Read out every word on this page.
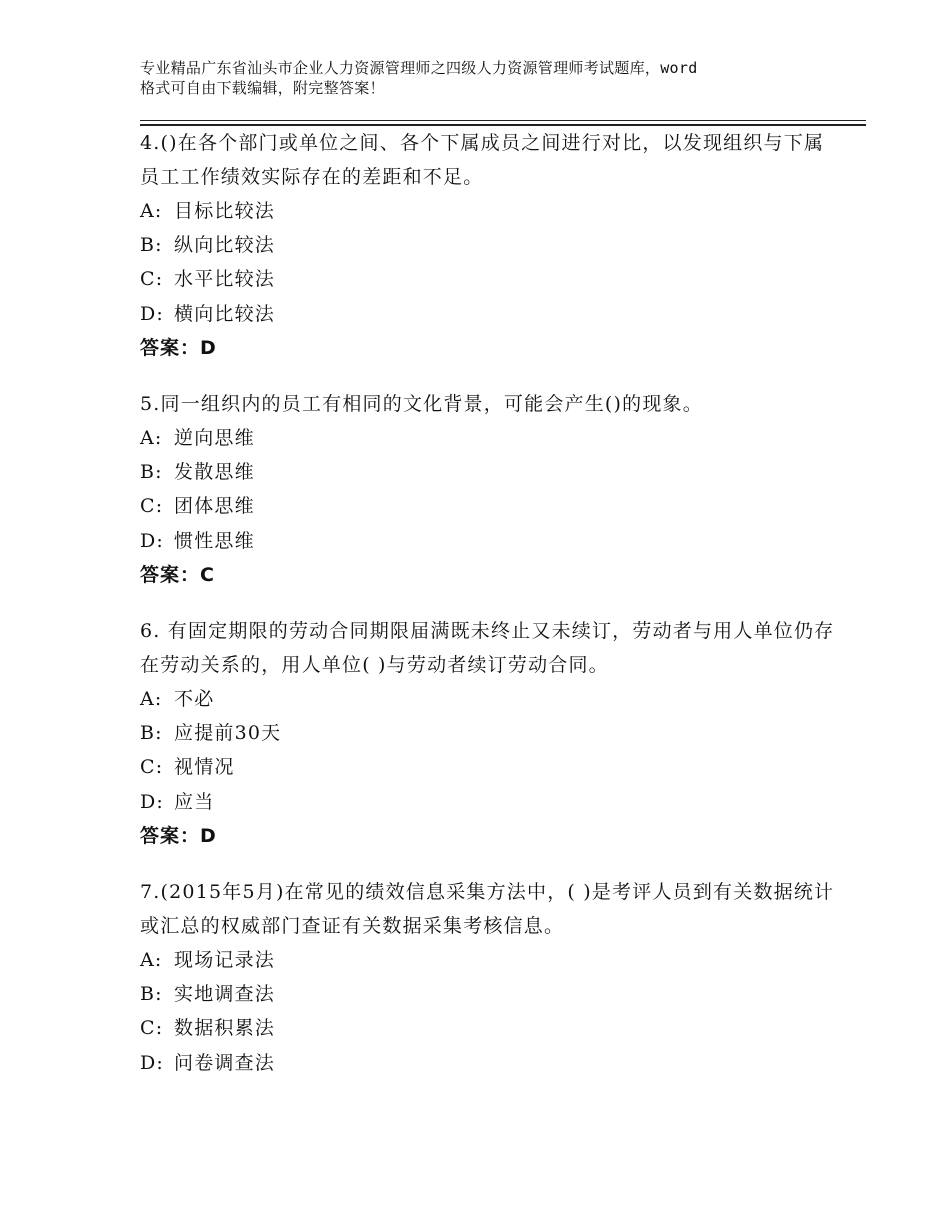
专业精品广东省汕头市企业人力资源管理师之四级人力资源管理师考试题库，word
格式可自由下载编辑，附完整答案！
4.()在各个部门或单位之间、各个下属成员之间进行对比，以发现组织与下属员工工作绩效实际存在的差距和不足。
A: 目标比较法
B: 纵向比较法
C: 水平比较法
D: 横向比较法
答案：D
5.同一组织内的员工有相同的文化背景，可能会产生()的现象。
A: 逆向思维
B: 发散思维
C: 团体思维
D: 惯性思维
答案：C
6. 有固定期限的劳动合同期限届满既未终止又未续订，劳动者与用人单位仍存在劳动关系的，用人单位( )与劳动者续订劳动合同。
A: 不必
B: 应提前30天
C: 视情况
D: 应当
答案：D
7.(2015年5月)在常见的绩效信息采集方法中，( )是考评人员到有关数据统计或汇总的权威部门查证有关数据采集考核信息。
A: 现场记录法
B: 实地调查法
C: 数据积累法
D: 问卷调查法
